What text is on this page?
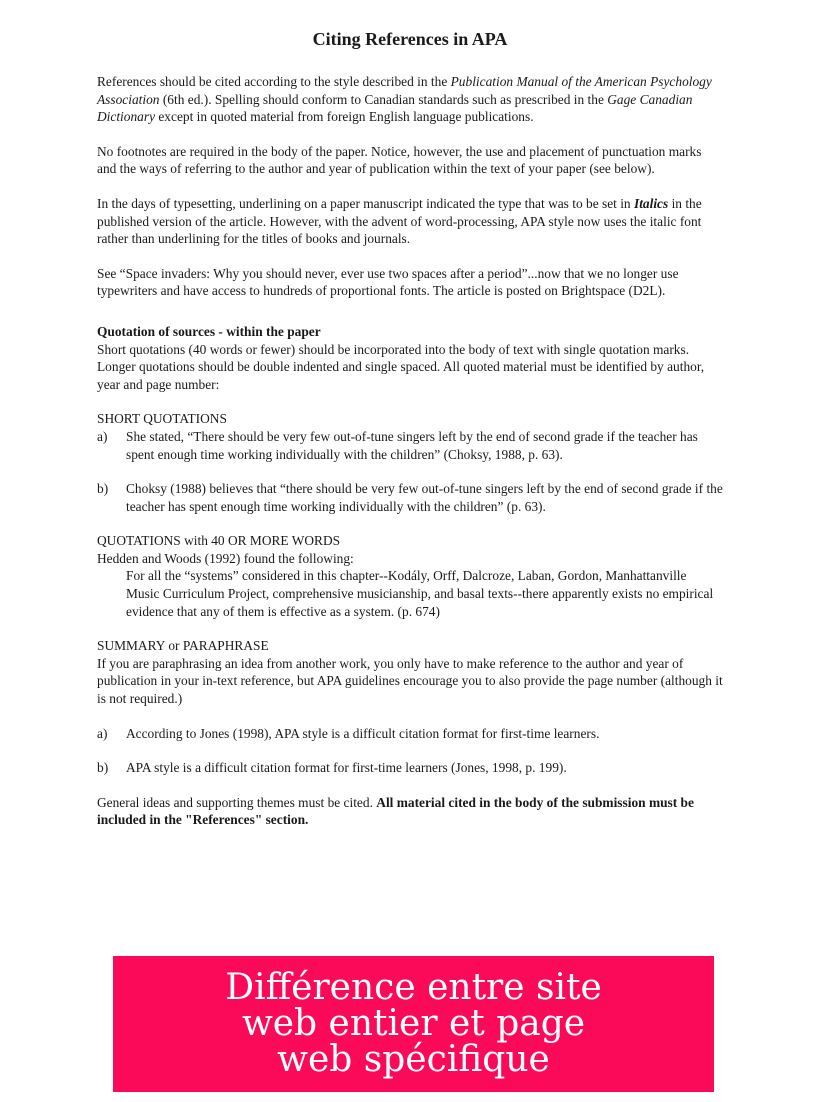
Citing References in APA

References should be cited according to the style described in the Publication Manual of the American Psychology Association (6th ed.). Spelling should conform to Canadian standards such as prescribed in the Gage Canadian Dictionary except in quoted material from foreign English language publications.

No footnotes are required in the body of the paper. Notice, however, the use and placement of punctuation marks and the ways of referring to the author and year of publication within the text of your paper (see below).

In the days of typesetting, underlining on a paper manuscript indicated the type that was to be set in Italics in the published version of the article. However, with the advent of word-processing, APA style now uses the italic font rather than underlining for the titles of books and journals.

See “Space invaders: Why you should never, ever use two spaces after a period”...now that we no longer use typewriters and have access to hundreds of proportional fonts. The article is posted on Brightspace (D2L).

Quotation of sources - within the paper

Short quotations (40 words or fewer) should be incorporated into the body of text with single quotation marks. Longer quotations should be double indented and single spaced. All quoted material must be identified by author, year and page number:

SHORT QUOTATIONS

a)	She stated, “There should be very few out-of-tune singers left by the end of second grade if the teacher has spent enough time working individually with the children” (Choksy, 1988, p. 63).
b)	Choksy (1988) believes that “there should be very few out-of-tune singers left by the end of second grade if the teacher has spent enough time working individually with the children” (p. 63).

QUOTATIONS with 40 OR MORE WORDS

Hedden and Woods (1992) found the following:

For all the “systems” considered in this chapter--Kodály, Orff, Dalcroze, Laban, Gordon, Manhattanville Music Curriculum Project, comprehensive musicianship, and basal texts--there apparently exists no empirical evidence that any of them is effective as a system. (p. 674)

SUMMARY or PARAPHRASE

If you are paraphrasing an idea from another work, you only have to make reference to the author and year of publication in your in-text reference, but APA guidelines encourage you to also provide the page number (although it is not required.)

a)	According to Jones (1998), APA style is a difficult citation format for first-time learners.
b)	APA style is a difficult citation format for first-time learners (Jones, 1998, p. 199).

General ideas and supporting themes must be cited. All material cited in the body of the submission must be included in the "References" section.

Différence entre site web entier et page web spécifique
